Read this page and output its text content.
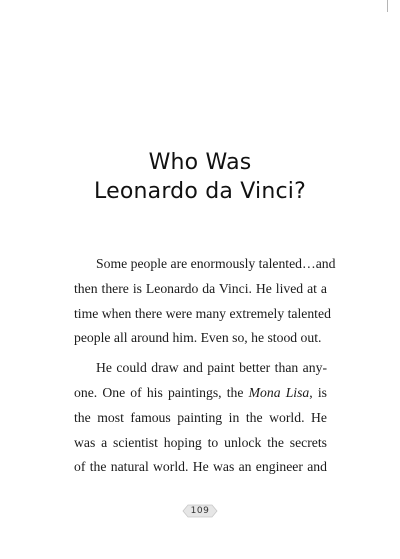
Who Was
Leonardo da Vinci?

Some people are enormously talented…and
then there is Leonardo da Vinci. He lived at a
time when there were many extremely talented
people all around him. Even so, he stood out.

He could draw and paint better than any-
one. One of his paintings, the Mona Lisa, is
the most famous painting in the world. He
was a scientist hoping to unlock the secrets
of the natural world. He was an engineer and

109
